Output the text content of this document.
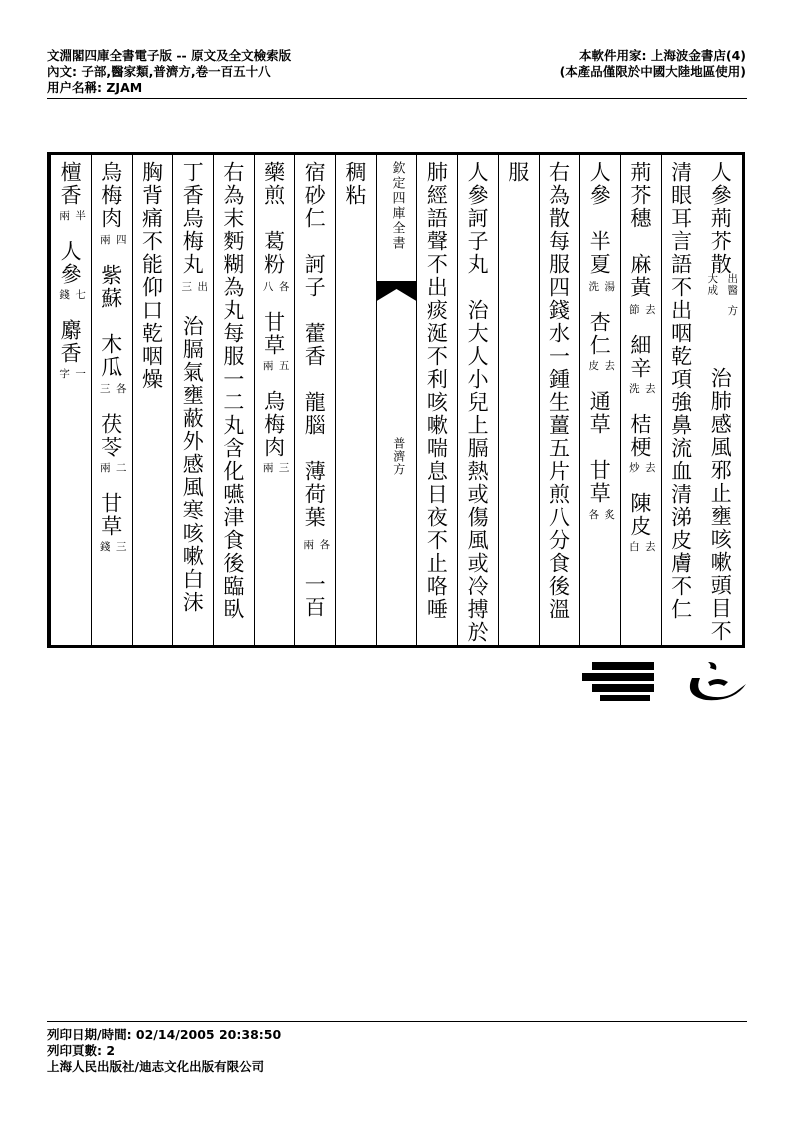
文淵閣四庫全書電子版 -- 原文及全文檢索版
內文: 子部,醫家類,普濟方,卷一百五十八
用户名稱: ZJAM
本軟件用家: 上海波金書店(4)
(本產品僅限於中國大陸地區使用)
人參荊芥散
出醫
大成
方
治肺感風邪止壅咳嗽頭目不
清眼耳言語不出咽乾項強鼻流血清涕皮膚不仁
荊芥穗　麻黃
去
節
細辛
去
洗
桔梗
去
炒
陳皮
去
白
人參　半夏
湯
洗
杏仁
去
皮
通草　甘草
炙
各
右為散每服四錢水一鍾生薑五片煎八分食後溫
服
人參訶子丸　治大人小兒上膈熱或傷風或冷搏於
肺經語聲不出痰涎不利咳嗽喘息日夜不止咯唾
欽定四庫全書
普濟方
稠粘
宿砂仁　訶子　藿香　龍腦　薄荷葉
各
兩
一百
藥煎　葛粉
各
八
甘草
五
兩
烏梅肉
三
兩
右為末麪糊為丸每服一二丸含化嚥津食後臨臥
丁香烏梅丸
出
三
治膈氣壅蔽外感風寒咳嗽白沫
胸背痛不能仰口乾咽燥
烏梅肉
四
兩
紫蘇　木瓜
各
三
茯苓
二
兩
甘草
三
錢
檀香
半
兩
人參
七
錢
麝香
一
字
列印日期/時間: 02/14/2005 20:38:50
列印頁數: 2
上海人民出版社/迪志文化出版有限公司
